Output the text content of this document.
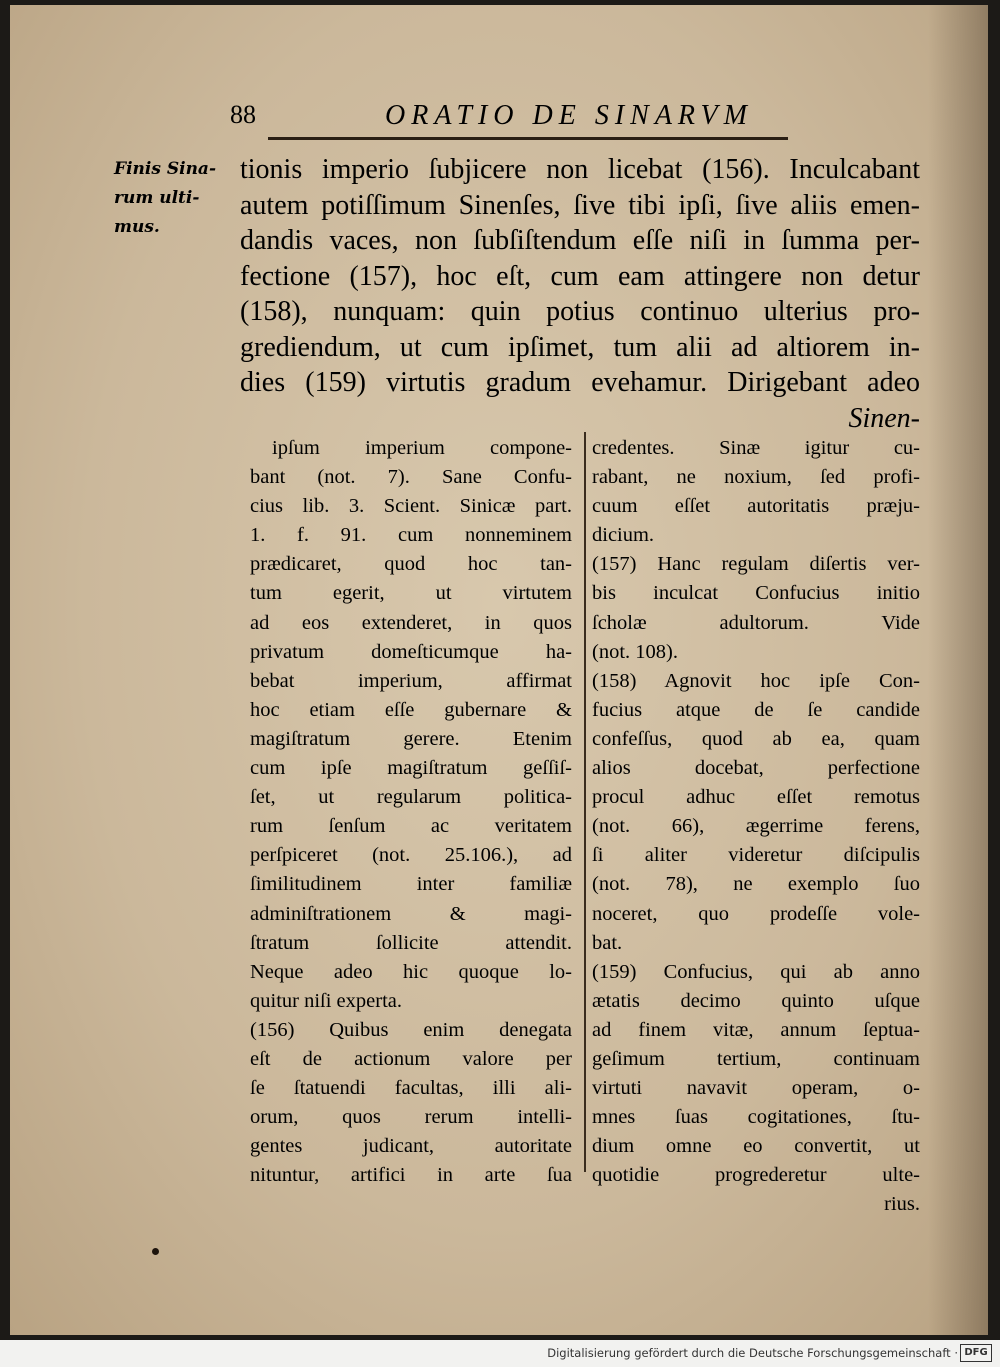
88	ORATIO DE SINARVM
Finis Sina-
rum ulti-
mus.
tionis imperio ſubjicere non licebat (156). Inculcabant
autem potiſſimum Sinenſes, ſive tibi ipſi, ſive aliis emen-
dandis vaces, non ſubſiſtendum eſſe niſi in ſumma per-
fectione (157), hoc eſt, cum eam attingere non detur
(158), nunquam: quin potius continuo ulterius pro-
grediendum, ut cum ipſimet, tum alii ad altiorem in-
dies (159) virtutis gradum evehamur. Dirigebant adeo
Sinen-
ipſum imperium compone-
bant (not. 7). Sane Confu-
cius lib. 3. Scient. Sinicæ part.
1. f. 91. cum nonneminem
prædicaret, quod hoc tan-
tum egerit, ut virtutem
ad eos extenderet, in quos
privatum domeſticumque ha-
bebat imperium, affirmat
hoc etiam eſſe gubernare &
magiſtratum gerere. Etenim
cum ipſe magiſtratum geſſiſ-
ſet, ut regularum politica-
rum ſenſum ac veritatem
perſpiceret (not. 25.106.), ad
ſimilitudinem inter familiæ
adminiſtrationem & magi-
ſtratum ſollicite attendit.
Neque adeo hic quoque lo-
quitur niſi experta.
(156) Quibus enim denegata
eſt de actionum valore per
ſe ſtatuendi facultas, illi ali-
orum, quos rerum intelli-
gentes judicant, autoritate
nituntur, artifici in arte ſua
credentes. Sinæ igitur cu-
rabant, ne noxium, ſed profi-
cuum eſſet autoritatis præju-
dicium.
(157) Hanc regulam diſertis ver-
bis inculcat Confucius initio
ſcholæ adultorum. Vide
(not. 108).
(158) Agnovit hoc ipſe Con-
fucius atque de ſe candide
confeſſus, quod ab ea, quam
alios docebat, perfectione
procul adhuc eſſet remotus
(not. 66), ægerrime ferens,
ſi aliter videretur diſcipulis
(not. 78), ne exemplo ſuo
noceret, quo prodeſſe vole-
bat.
(159) Confucius, qui ab anno
ætatis decimo quinto uſque
ad finem vitæ, annum ſeptua-
geſimum tertium, continuam
virtuti navavit operam, o-
mnes ſuas cogitationes, ſtu-
dium omne eo convertit, ut
quotidie progrederetur ulte-
rius.
Digitalisierung gefördert durch die Deutsche Forschungsgemeinschaft · DFG
